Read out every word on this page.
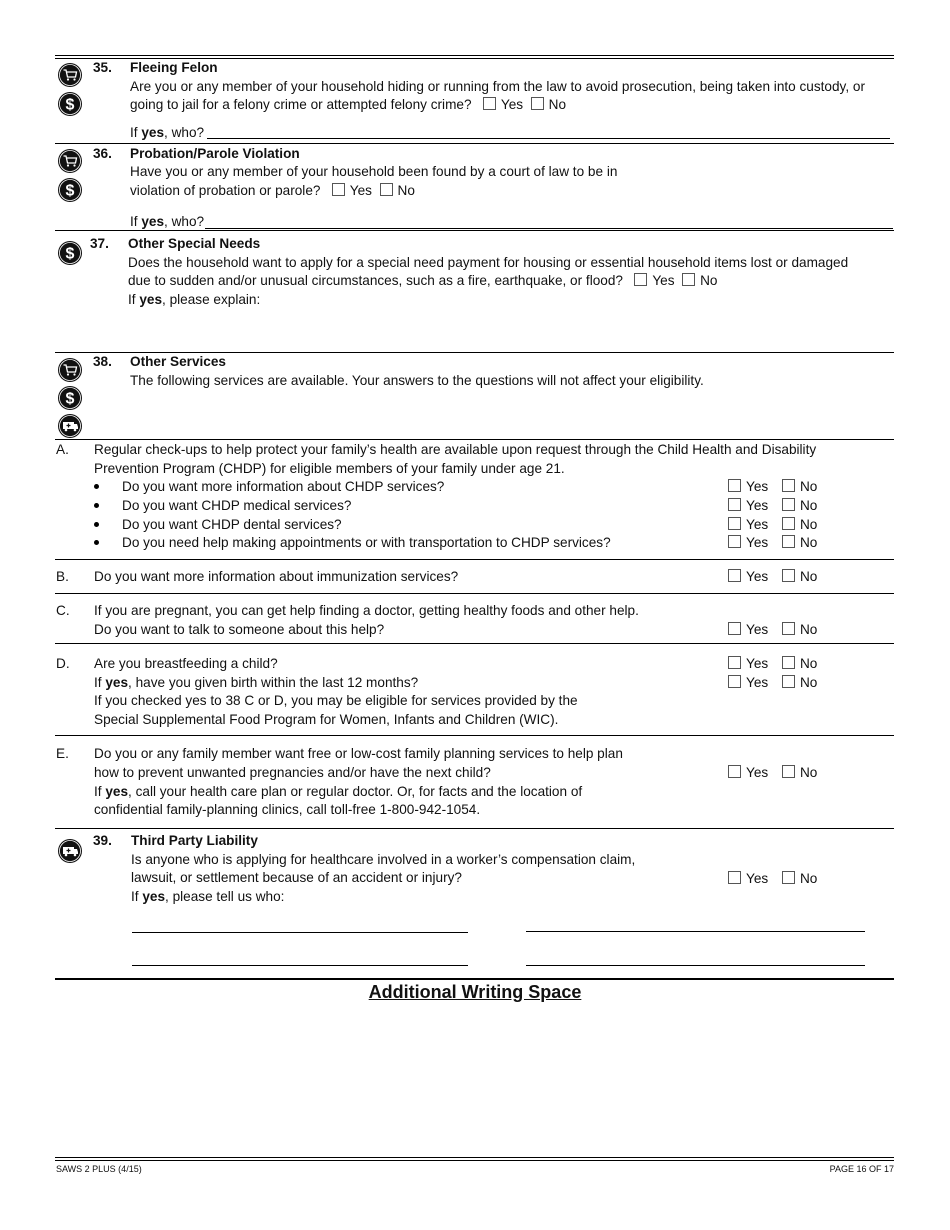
35. Fleeing Felon
Are you or any member of your household hiding or running from the law to avoid prosecution, being taken into custody, or
going to jail for a felony crime or attempted felony crime? Yes No
If yes, who?
36. Probation/Parole Violation
Have you or any member of your household been found by a court of law to be in
violation of probation or parole? Yes No
If yes, who?
37. Other Special Needs
Does the household want to apply for a special need payment for housing or essential household items lost or damaged
due to sudden and/or unusual circumstances, such as a fire, earthquake, or flood? Yes No
If yes, please explain:
38. Other Services
The following services are available. Your answers to the questions will not affect your eligibility.
A. Regular check-ups to help protect your family’s health are available upon request through the Child Health and Disability
Prevention Program (CHDP) for eligible members of your family under age 21.
Do you want more information about CHDP services?	Yes No
Do you want CHDP medical services?	Yes No
Do you want CHDP dental services?	Yes No
Do you need help making appointments or with transportation to CHDP services?	Yes No
B. Do you want more information about immunization services?	Yes No
C. If you are pregnant, you can get help finding a doctor, getting healthy foods and other help.
Do you want to talk to someone about this help?	Yes No
D. Are you breastfeeding a child?	Yes No
If yes, have you given birth within the last 12 months?	Yes No
If you checked yes to 38 C or D, you may be eligible for services provided by the
Special Supplemental Food Program for Women, Infants and Children (WIC).
E. Do you or any family member want free or low-cost family planning services to help plan
how to prevent unwanted pregnancies and/or have the next child?	Yes No
If yes, call your health care plan or regular doctor. Or, for facts and the location of
confidential family-planning clinics, call toll-free 1-800-942-1054.
39. Third Party Liability
Is anyone who is applying for healthcare involved in a worker’s compensation claim,
lawsuit, or settlement because of an accident or injury?	Yes No
If yes, please tell us who:
Additional Writing Space
SAWS 2 PLUS (4/15)	PAGE 16 OF 17
